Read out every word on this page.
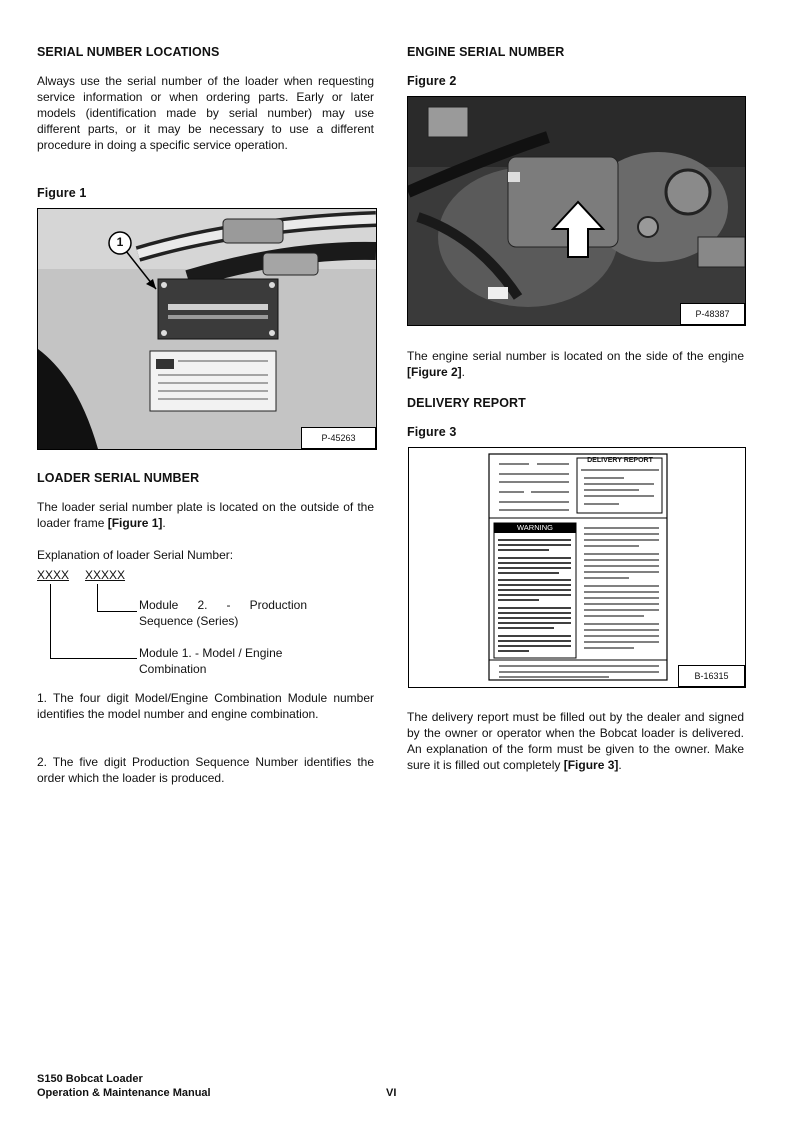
SERIAL NUMBER LOCATIONS
Always use the serial number of the loader when requesting service information or when ordering parts. Early or later models (identification made by serial number) may use different parts, or it may be necessary to use a different procedure in doing a specific service operation.
Figure 1
1
P-45263
LOADER SERIAL NUMBER
The loader serial number plate is located on the outside of the loader frame [Figure 1].
Explanation of loader Serial Number:
XXXX XXXXX
Module 2. - Production
Sequence (Series)
Module 1. - Model / Engine
Combination
1. The four digit Model/Engine Combination Module number identifies the model number and engine combination.
2. The five digit Production Sequence Number identifies the order which the loader is produced.
ENGINE SERIAL NUMBER
Figure 2
P-48387
The engine serial number is located on the side of the engine [Figure 2].
DELIVERY REPORT
Figure 3
DELIVERY REPORT
WARNING
B-16315
The delivery report must be filled out by the dealer and signed by the owner or operator when the Bobcat loader is delivered. An explanation of the form must be given to the owner. Make sure it is filled out completely [Figure 3].
S150 Bobcat Loader
Operation & Maintenance Manual	VI
